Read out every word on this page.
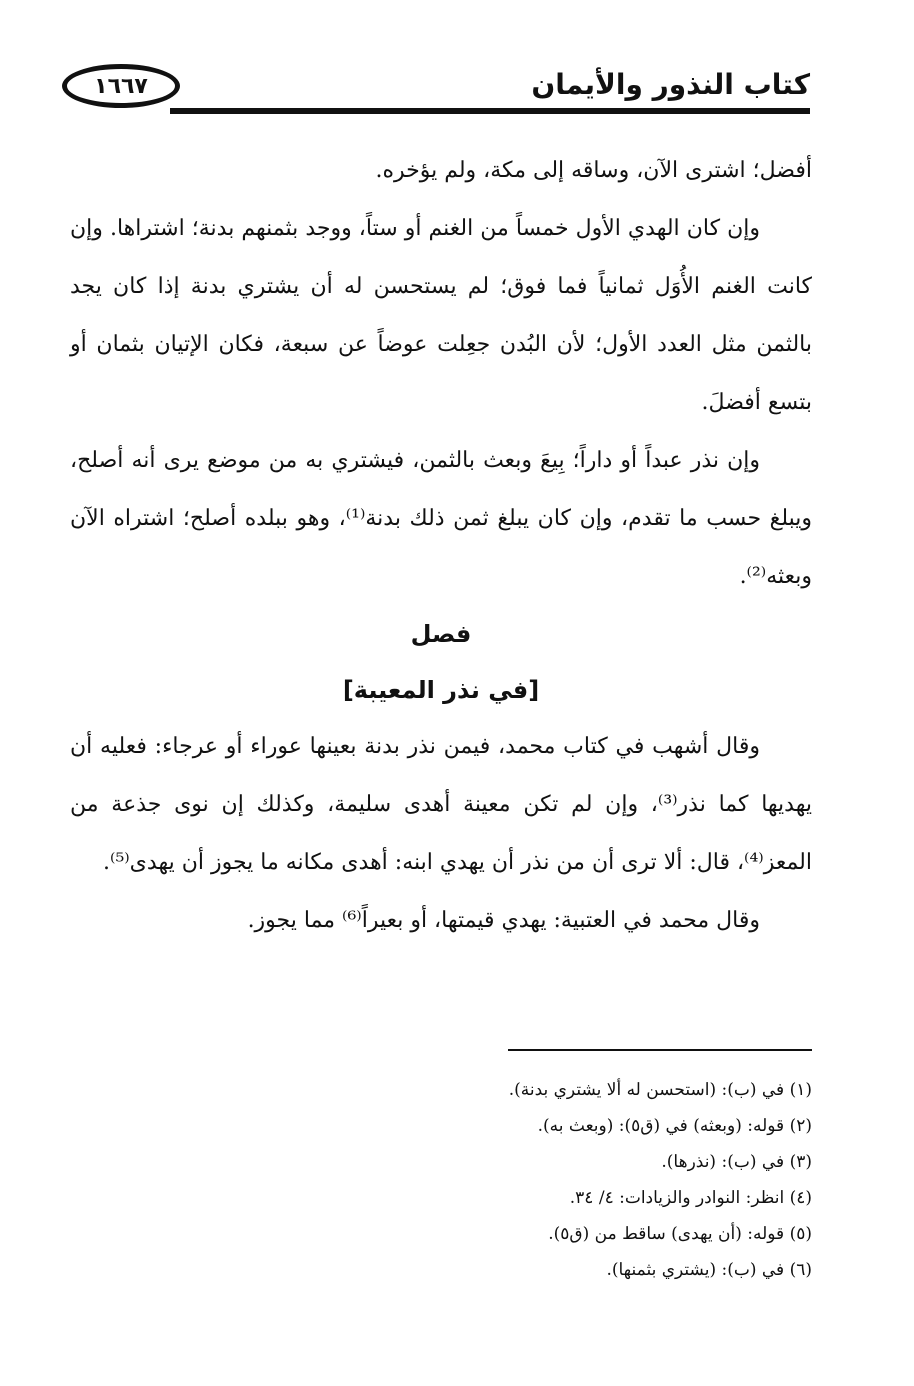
١٦٦٧	كتاب النذور والأيمان

أفضل؛ اشترى الآن، وساقه إلى مكة، ولم يؤخره.

وإن كان الهدي الأول خمساً من الغنم أو ستاً، ووجد بثمنهم بدنة؛ اشتراها. وإن كانت الغنم الأُوَل ثمانياً فما فوق؛ لم يستحسن له أن يشتري بدنة إذا كان يجد بالثمن مثل العدد الأول؛ لأن البُدن جعِلت عوضاً عن سبعة، فكان الإتيان بثمان أو بتسع أفضلَ.

وإن نذر عبداً أو داراً؛ بِيعَ وبعث بالثمن، فيشتري به من موضع يرى أنه أصلح، ويبلغ حسب ما تقدم، وإن كان يبلغ ثمن ذلك بدنة⁽¹⁾، وهو ببلده أصلح؛ اشتراه الآن وبعثه⁽²⁾.

فصل

[في نذر المعيبة]

وقال أشهب في كتاب محمد، فيمن نذر بدنة بعينها عوراء أو عرجاء: فعليه أن يهديها كما نذر⁽³⁾، وإن لم تكن معينة أهدى سليمة، وكذلك إن نوى جذعة من المعز⁽⁴⁾، قال: ألا ترى أن من نذر أن يهدي ابنه: أهدى مكانه ما يجوز أن يهدى⁽⁵⁾.

وقال محمد في العتبية: يهدي قيمتها، أو بعيراً⁽⁶⁾ مما يجوز.

(١) في (ب): (استحسن له ألا يشتري بدنة).

(٢) قوله: (وبعثه) في (ق٥): (وبعث به).

(٣) في (ب): (نذرها).

(٤) انظر: النوادر والزيادات: ٤/ ٣٤.

(٥) قوله: (أن يهدى) ساقط من (ق٥).

(٦) في (ب): (يشتري بثمنها).
